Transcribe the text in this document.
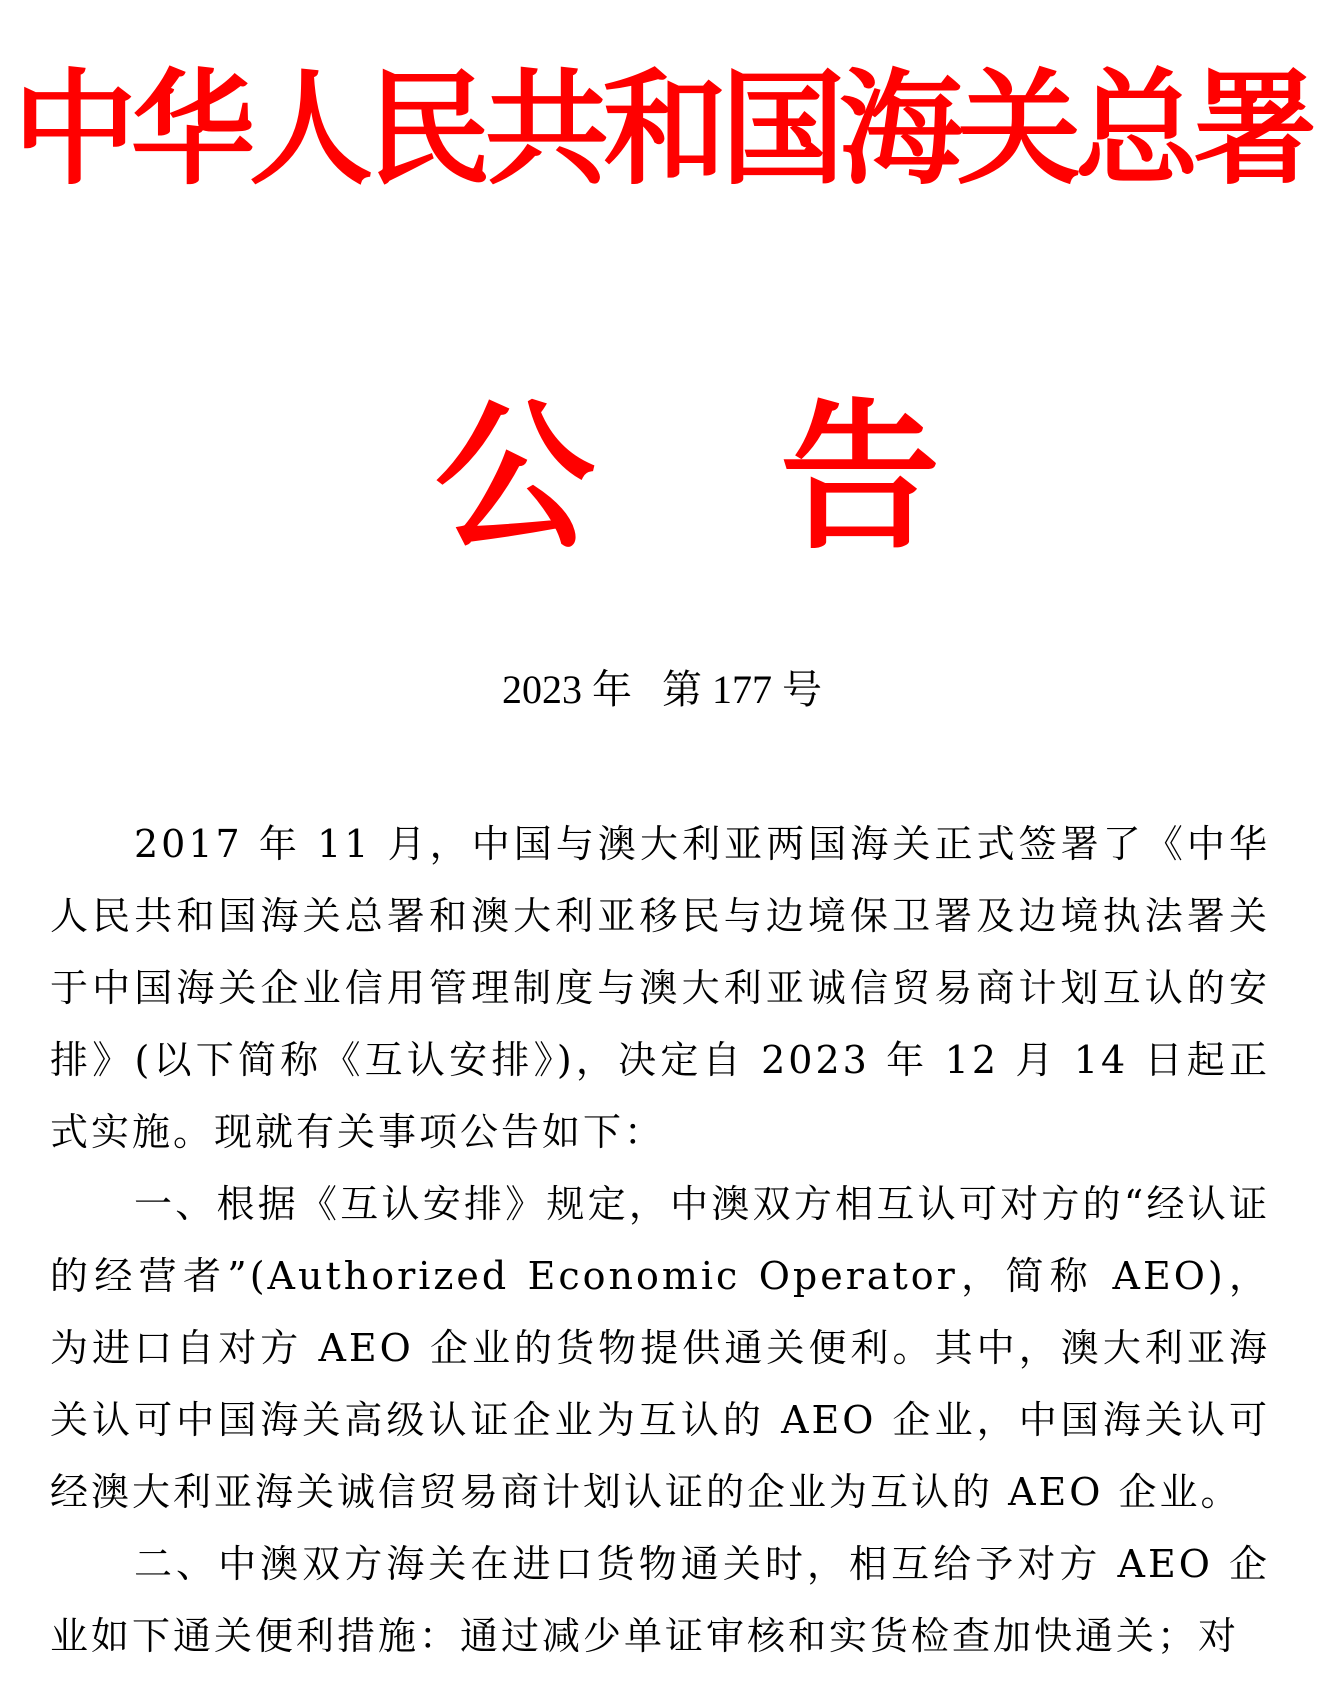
中华人民共和国海关总署
公 告
2023 年   第 177 号

2017 年 11 月，中国与澳大利亚两国海关正式签署了《中华人民共和国海关总署和澳大利亚移民与边境保卫署及边境执法署关于中国海关企业信用管理制度与澳大利亚诚信贸易商计划互认的安排》(以下简称《互认安排》)，决定自 2023 年 12 月 14 日起正式实施。现就有关事项公告如下：

一、根据《互认安排》规定，中澳双方相互认可对方的“经认证的经营者”(Authorized Economic Operator，简称 AEO)，为进口自对方 AEO 企业的货物提供通关便利。其中，澳大利亚海关认可中国海关高级认证企业为互认的 AEO 企业，中国海关认可经澳大利亚海关诚信贸易商计划认证的企业为互认的 AEO 企业。

二、中澳双方海关在进口货物通关时，相互给予对方 AEO 企业如下通关便利措施：通过减少单证审核和实货检查加快通关；对
